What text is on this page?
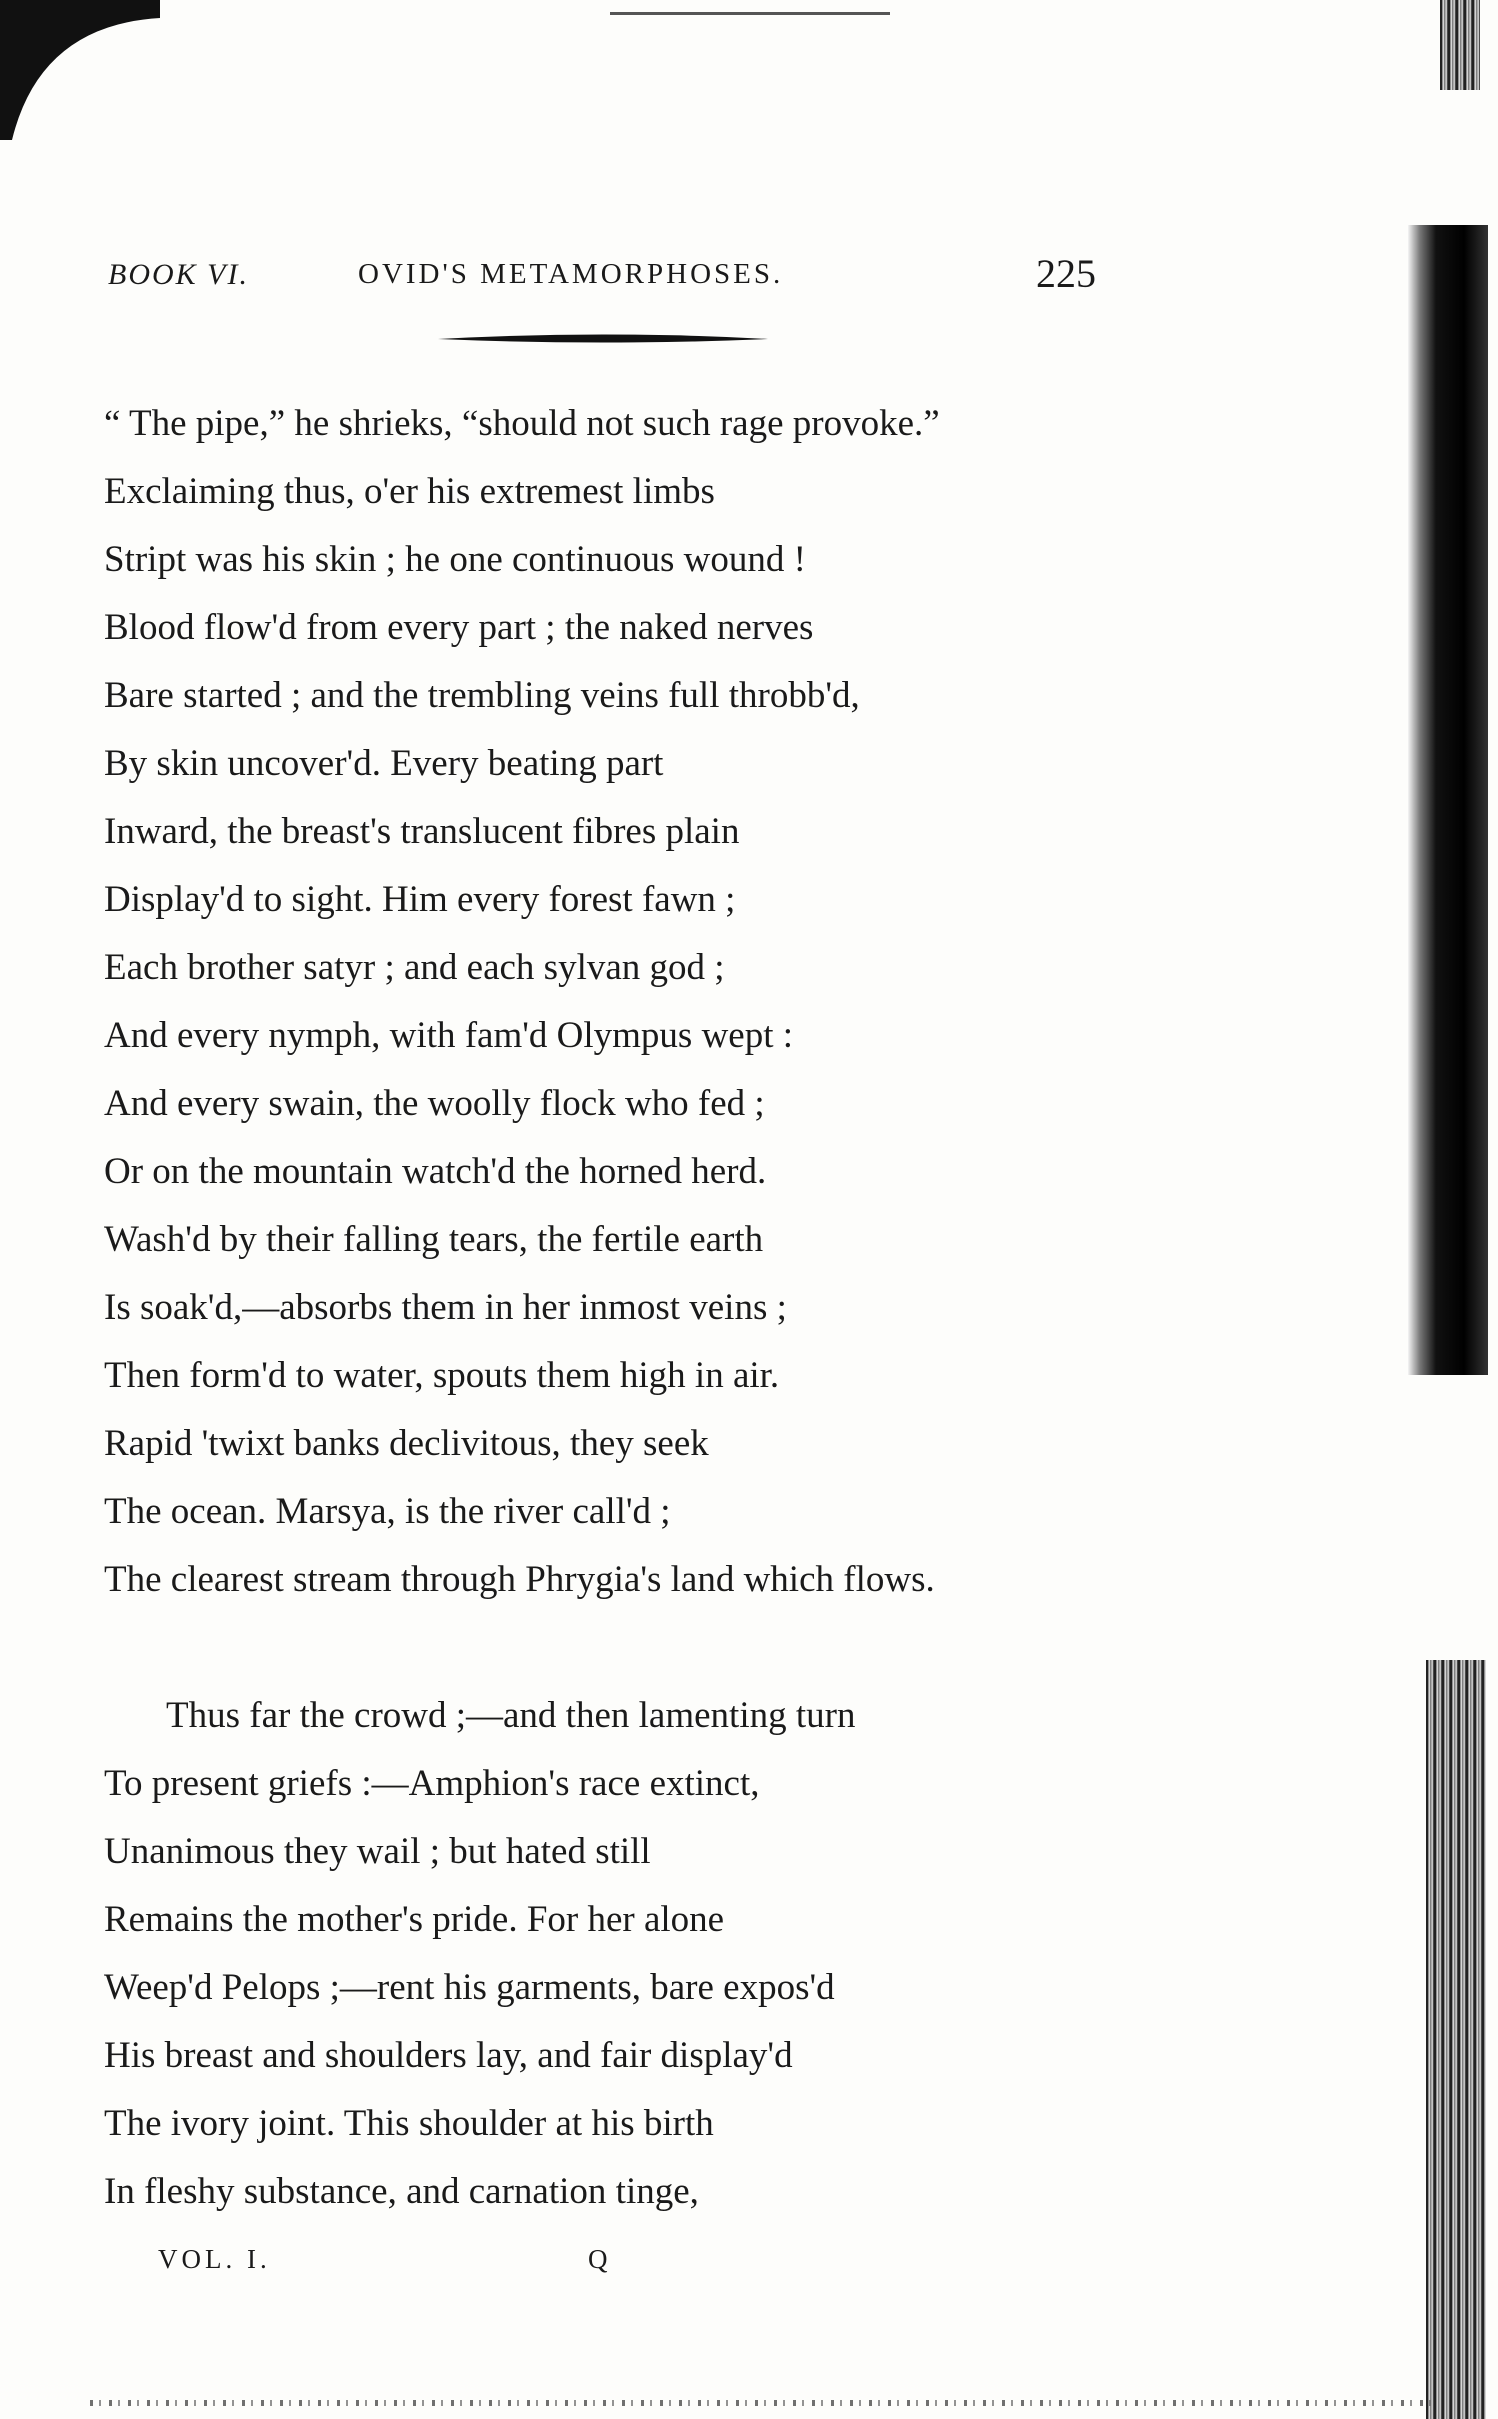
BOOK VI.	OVID'S METAMORPHOSES.	225
“ The pipe,” he shrieks, “should not such rage provoke.”
Exclaiming thus, o'er his extremest limbs
Stript was his skin ; he one continuous wound !
Blood flow'd from every part ; the naked nerves
Bare started ; and the trembling veins full throbb'd,
By skin uncover'd. Every beating part
Inward, the breast's translucent fibres plain
Display'd to sight. Him every forest fawn ;
Each brother satyr ; and each sylvan god ;
And every nymph, with fam'd Olympus wept :
And every swain, the woolly flock who fed ;
Or on the mountain watch'd the horned herd.
Wash'd by their falling tears, the fertile earth
Is soak'd,—absorbs them in her inmost veins ;
Then form'd to water, spouts them high in air.
Rapid 'twixt banks declivitous, they seek
The ocean. Marsya, is the river call'd ;
The clearest stream through Phrygia's land which flows.
Thus far the crowd ;—and then lamenting turn
To present griefs :—Amphion's race extinct,
Unanimous they wail ; but hated still
Remains the mother's pride. For her alone
Weep'd Pelops ;—rent his garments, bare expos'd
His breast and shoulders lay, and fair display'd
The ivory joint. This shoulder at his birth
In fleshy substance, and carnation tinge,
VOL. I.	Q
